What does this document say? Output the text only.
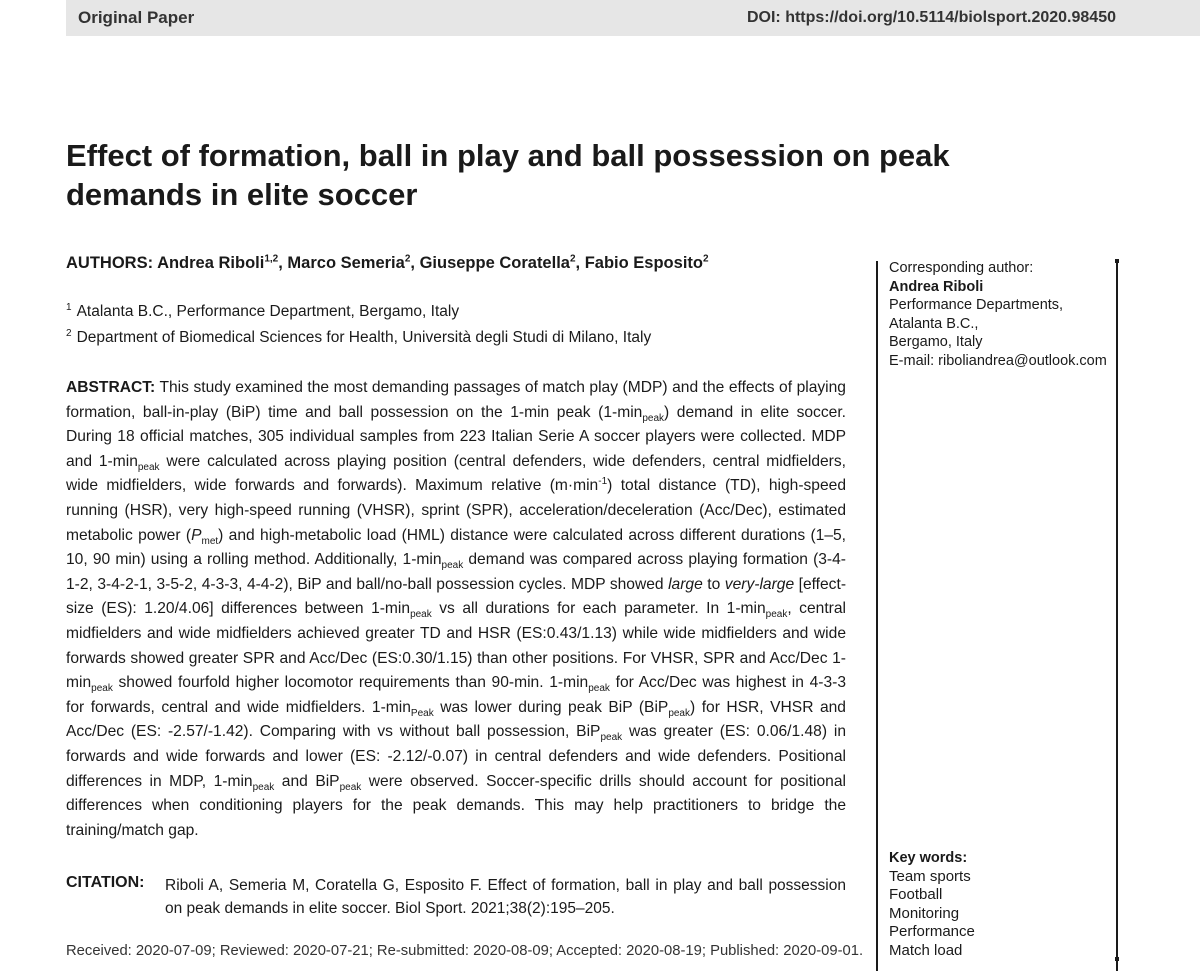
Original Paper	DOI: https://doi.org/10.5114/biolsport.2020.98450
Effect of formation, ball in play and ball possession on peak
demands in elite soccer
AUTHORS: Andrea Riboli$^{1,2}$, Marco Semeria$^2$, Giuseppe Coratella$^2$, Fabio Esposito$^2$
$^1$ Atalanta B.C., Performance Department, Bergamo, Italy
$^2$ Department of Biomedical Sciences for Health, Università degli Studi di Milano, Italy
ABSTRACT: This study examined the most demanding passages of match play (MDP) and the effects of playing formation, ball-in-play (BiP) time and ball possession on the 1-min peak $(1-\min_{peak})$ demand in elite soccer. During 18 official matches, 305 individual samples from 223 Italian Serie A soccer players were collected. MDP and $1-\min_{peak}$ were calculated across playing position (central defenders, wide defenders, central midfielders, wide midfielders, wide forwards and forwards). Maximum relative $(m\cdot\min^{-1})$ total distance (TD), high-speed running (HSR), very high-speed running (VHSR), sprint (SPR), acceleration/deceleration (Acc/Dec), estimated metabolic power $(P_{met})$ and high-metabolic load (HML) distance were calculated across different durations (1–5, 10, 90 min) using a rolling method. Additionally, $1-\min_{peak}$ demand was compared across playing formation (3-4-1-2, 3-4-2-1, 3-5-2, 4-3-3, 4-4-2), BiP and ball/no-ball possession cycles. MDP showed large to very-large [effect-size (ES): 1.20/4.06] differences between $1-\min_{peak}$ vs all durations for each parameter. In $1-\min_{peak}$, central midfielders and wide midfielders achieved greater TD and HSR (ES:0.43/1.13) while wide midfielders and wide forwards showed greater SPR and Acc/Dec (ES:0.30/1.15) than other positions. For VHSR, SPR and Acc/Dec $1-\min_{peak}$ showed fourfold higher locomotor requirements than 90-min. $1-\min_{peak}$ for Acc/Dec was highest in 4-3-3 for forwards, central and wide midfielders. $1-\min_{Peak}$ was lower during peak BiP (BiP$_{peak}$) for HSR, VHSR and Acc/Dec (ES: -2.57/-1.42). Comparing with vs without ball possession, BiP$_{peak}$ was greater (ES: 0.06/1.48) in forwards and wide forwards and lower (ES: -2.12/-0.07) in central defenders and wide defenders. Positional differences in MDP, $1-\min_{peak}$ and BiP$_{peak}$ were observed. Soccer-specific drills should account for positional differences when conditioning players for the peak demands. This may help practitioners to bridge the training/match gap.
CITATION: Riboli A, Semeria M, Coratella G, Esposito F. Effect of formation, ball in play and ball possession on peak demands in elite soccer. Biol Sport. 2021;38(2):195–205.
Received: 2020-07-09; Reviewed: 2020-07-21; Re-submitted: 2020-08-09; Accepted: 2020-08-19; Published: 2020-09-01.
Corresponding author:
Andrea Riboli
Performance Departments,
Atalanta B.C.,
Bergamo, Italy
E-mail: riboliandrea@outlook.com
Key words:
Team sports
Football
Monitoring
Performance
Match load
